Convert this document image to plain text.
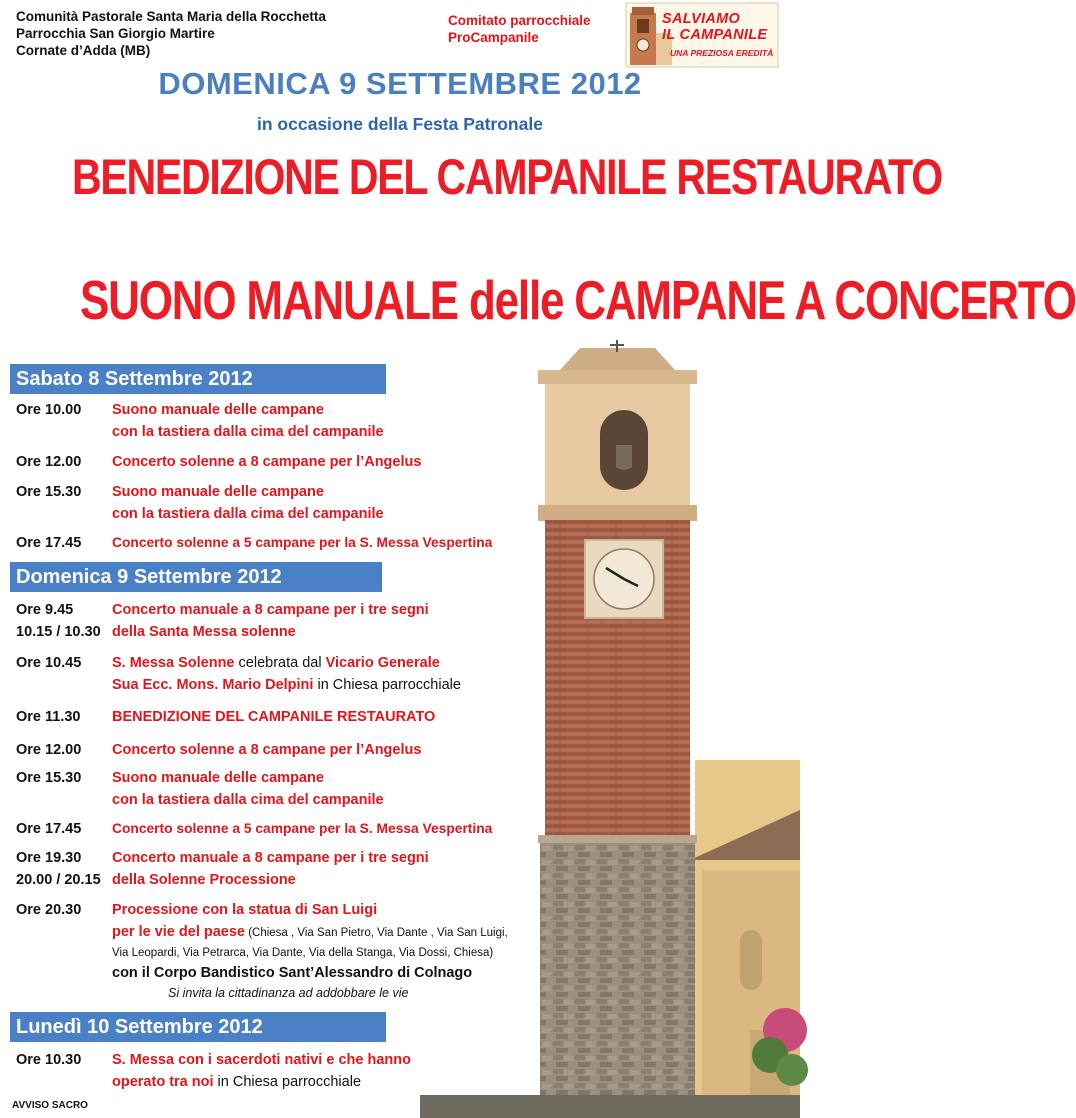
Comunità Pastorale Santa Maria della Rocchetta
Parrocchia San Giorgio Martire
Cornate d’Adda (MB)
Comitato parrocchiale
ProCampanile
SALVIAMO
IL CAMPANILE
UNA PREZIOSA EREDITÀ
DOMENICA 9 SETTEMBRE 2012
in occasione della Festa Patronale
BENEDIZIONE DEL CAMPANILE RESTAURATO
SUONO MANUALE delle CAMPANE A CONCERTO
Sabato 8 Settembre 2012
Ore 10.00 Suono manuale delle campane
con la tastiera dalla cima del campanile
Ore 12.00 Concerto solenne a 8 campane per l’Angelus
Ore 15.30 Suono manuale delle campane
con la tastiera dalla cima del campanile
Ore 17.45 Concerto solenne a 5 campane per la S. Messa Vespertina
Domenica 9 Settembre 2012
Ore 9.45
10.15 / 10.30
Concerto manuale a 8 campane per i tre segni
della Santa Messa solenne
Ore 10.45 S. Messa Solenne celebrata dal Vicario Generale
Sua Ecc. Mons. Mario Delpini in Chiesa parrocchiale
Ore 11.30 BENEDIZIONE DEL CAMPANILE RESTAURATO
Ore 12.00 Concerto solenne a 8 campane per l’Angelus
Ore 15.30 Suono manuale delle campane
con la tastiera dalla cima del campanile
Ore 17.45 Concerto solenne a 5 campane per la S. Messa Vespertina
Ore 19.30
20.00 / 20.15
Concerto manuale a 8 campane per i tre segni
della Solenne Processione
Ore 20.30 Processione con la statua di San Luigi
per le vie del paese (Chiesa , Via San Pietro, Via Dante , Via San Luigi,
Via Leopardi, Via Petrarca, Via Dante, Via della Stanga, Via Dossi, Chiesa)
con il Corpo Bandistico Sant’Alessandro di Colnago
Si invita la cittadinanza ad addobbare le vie
Lunedì 10 Settembre 2012
Ore 10.30 S. Messa con i sacerdoti nativi e che hanno
operato tra noi in Chiesa parrocchiale
AVVISO SACRO
